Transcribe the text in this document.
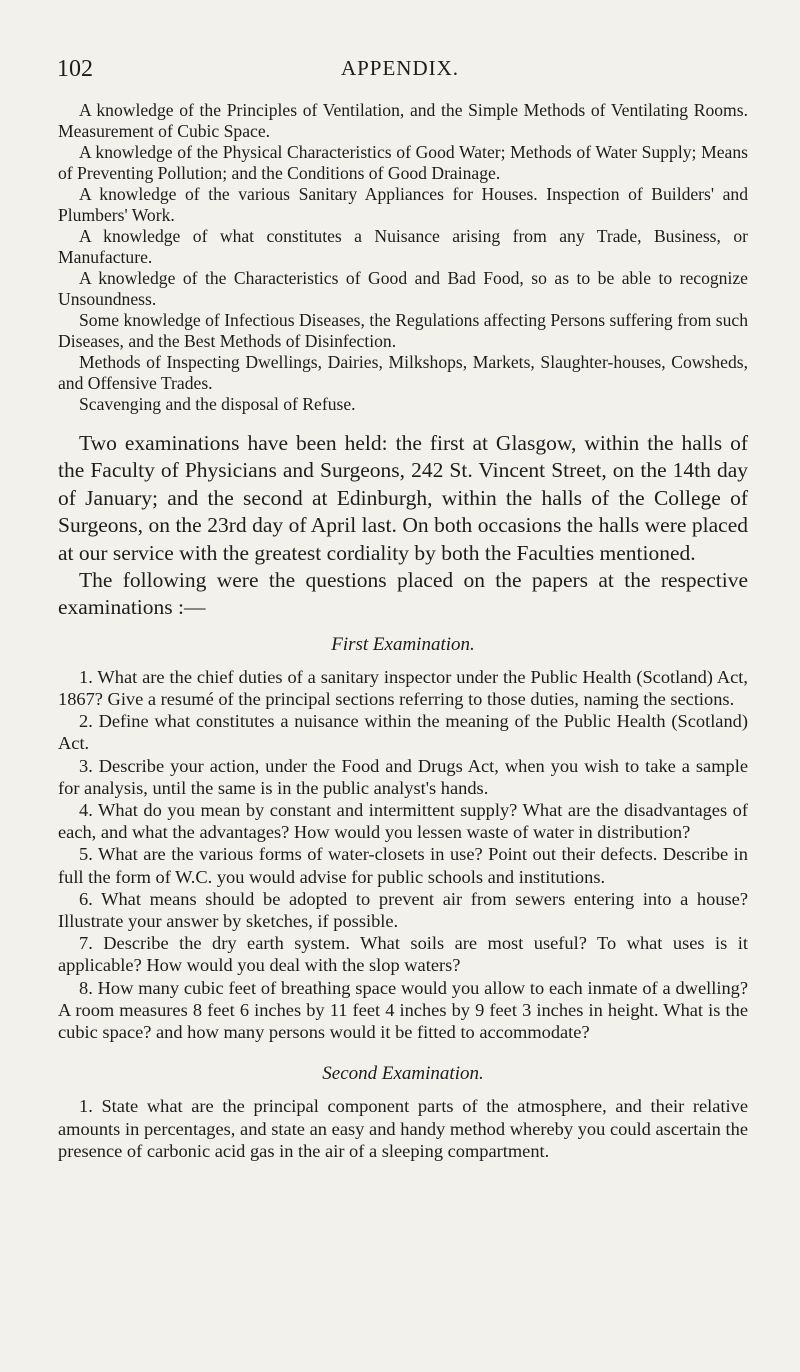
102	APPENDIX.

A knowledge of the Principles of Ventilation, and the Simple Methods of Ventilating Rooms. Measurement of Cubic Space.

A knowledge of the Physical Characteristics of Good Water; Methods of Water Supply; Means of Preventing Pollution; and the Conditions of Good Drainage.

A knowledge of the various Sanitary Appliances for Houses. Inspection of Builders' and Plumbers' Work.

A knowledge of what constitutes a Nuisance arising from any Trade, Business, or Manufacture.

A knowledge of the Characteristics of Good and Bad Food, so as to be able to recognize Unsoundness.

Some knowledge of Infectious Diseases, the Regulations affecting Persons suffering from such Diseases, and the Best Methods of Disinfection.

Methods of Inspecting Dwellings, Dairies, Milkshops, Markets, Slaughter-houses, Cowsheds, and Offensive Trades.

Scavenging and the disposal of Refuse.

Two examinations have been held: the first at Glasgow, within the halls of the Faculty of Physicians and Surgeons, 242 St. Vincent Street, on the 14th day of January; and the second at Edinburgh, within the halls of the College of Surgeons, on the 23rd day of April last. On both occasions the halls were placed at our service with the greatest cordiality by both the Faculties mentioned.

The following were the questions placed on the papers at the respective examinations :—

First Examination.

1. What are the chief duties of a sanitary inspector under the Public Health (Scotland) Act, 1867? Give a resumé of the principal sections referring to those duties, naming the sections.

2. Define what constitutes a nuisance within the meaning of the Public Health (Scotland) Act.

3. Describe your action, under the Food and Drugs Act, when you wish to take a sample for analysis, until the same is in the public analyst's hands.

4. What do you mean by constant and intermittent supply? What are the disadvantages of each, and what the advantages? How would you lessen waste of water in distribution?

5. What are the various forms of water-closets in use? Point out their defects. Describe in full the form of W.C. you would advise for public schools and institutions.

6. What means should be adopted to prevent air from sewers entering into a house? Illustrate your answer by sketches, if possible.

7. Describe the dry earth system. What soils are most useful? To what uses is it applicable? How would you deal with the slop waters?

8. How many cubic feet of breathing space would you allow to each inmate of a dwelling? A room measures 8 feet 6 inches by 11 feet 4 inches by 9 feet 3 inches in height. What is the cubic space? and how many persons would it be fitted to accommodate?

Second Examination.

1. State what are the principal component parts of the atmosphere, and their relative amounts in percentages, and state an easy and handy method whereby you could ascertain the presence of carbonic acid gas in the air of a sleeping compartment.
